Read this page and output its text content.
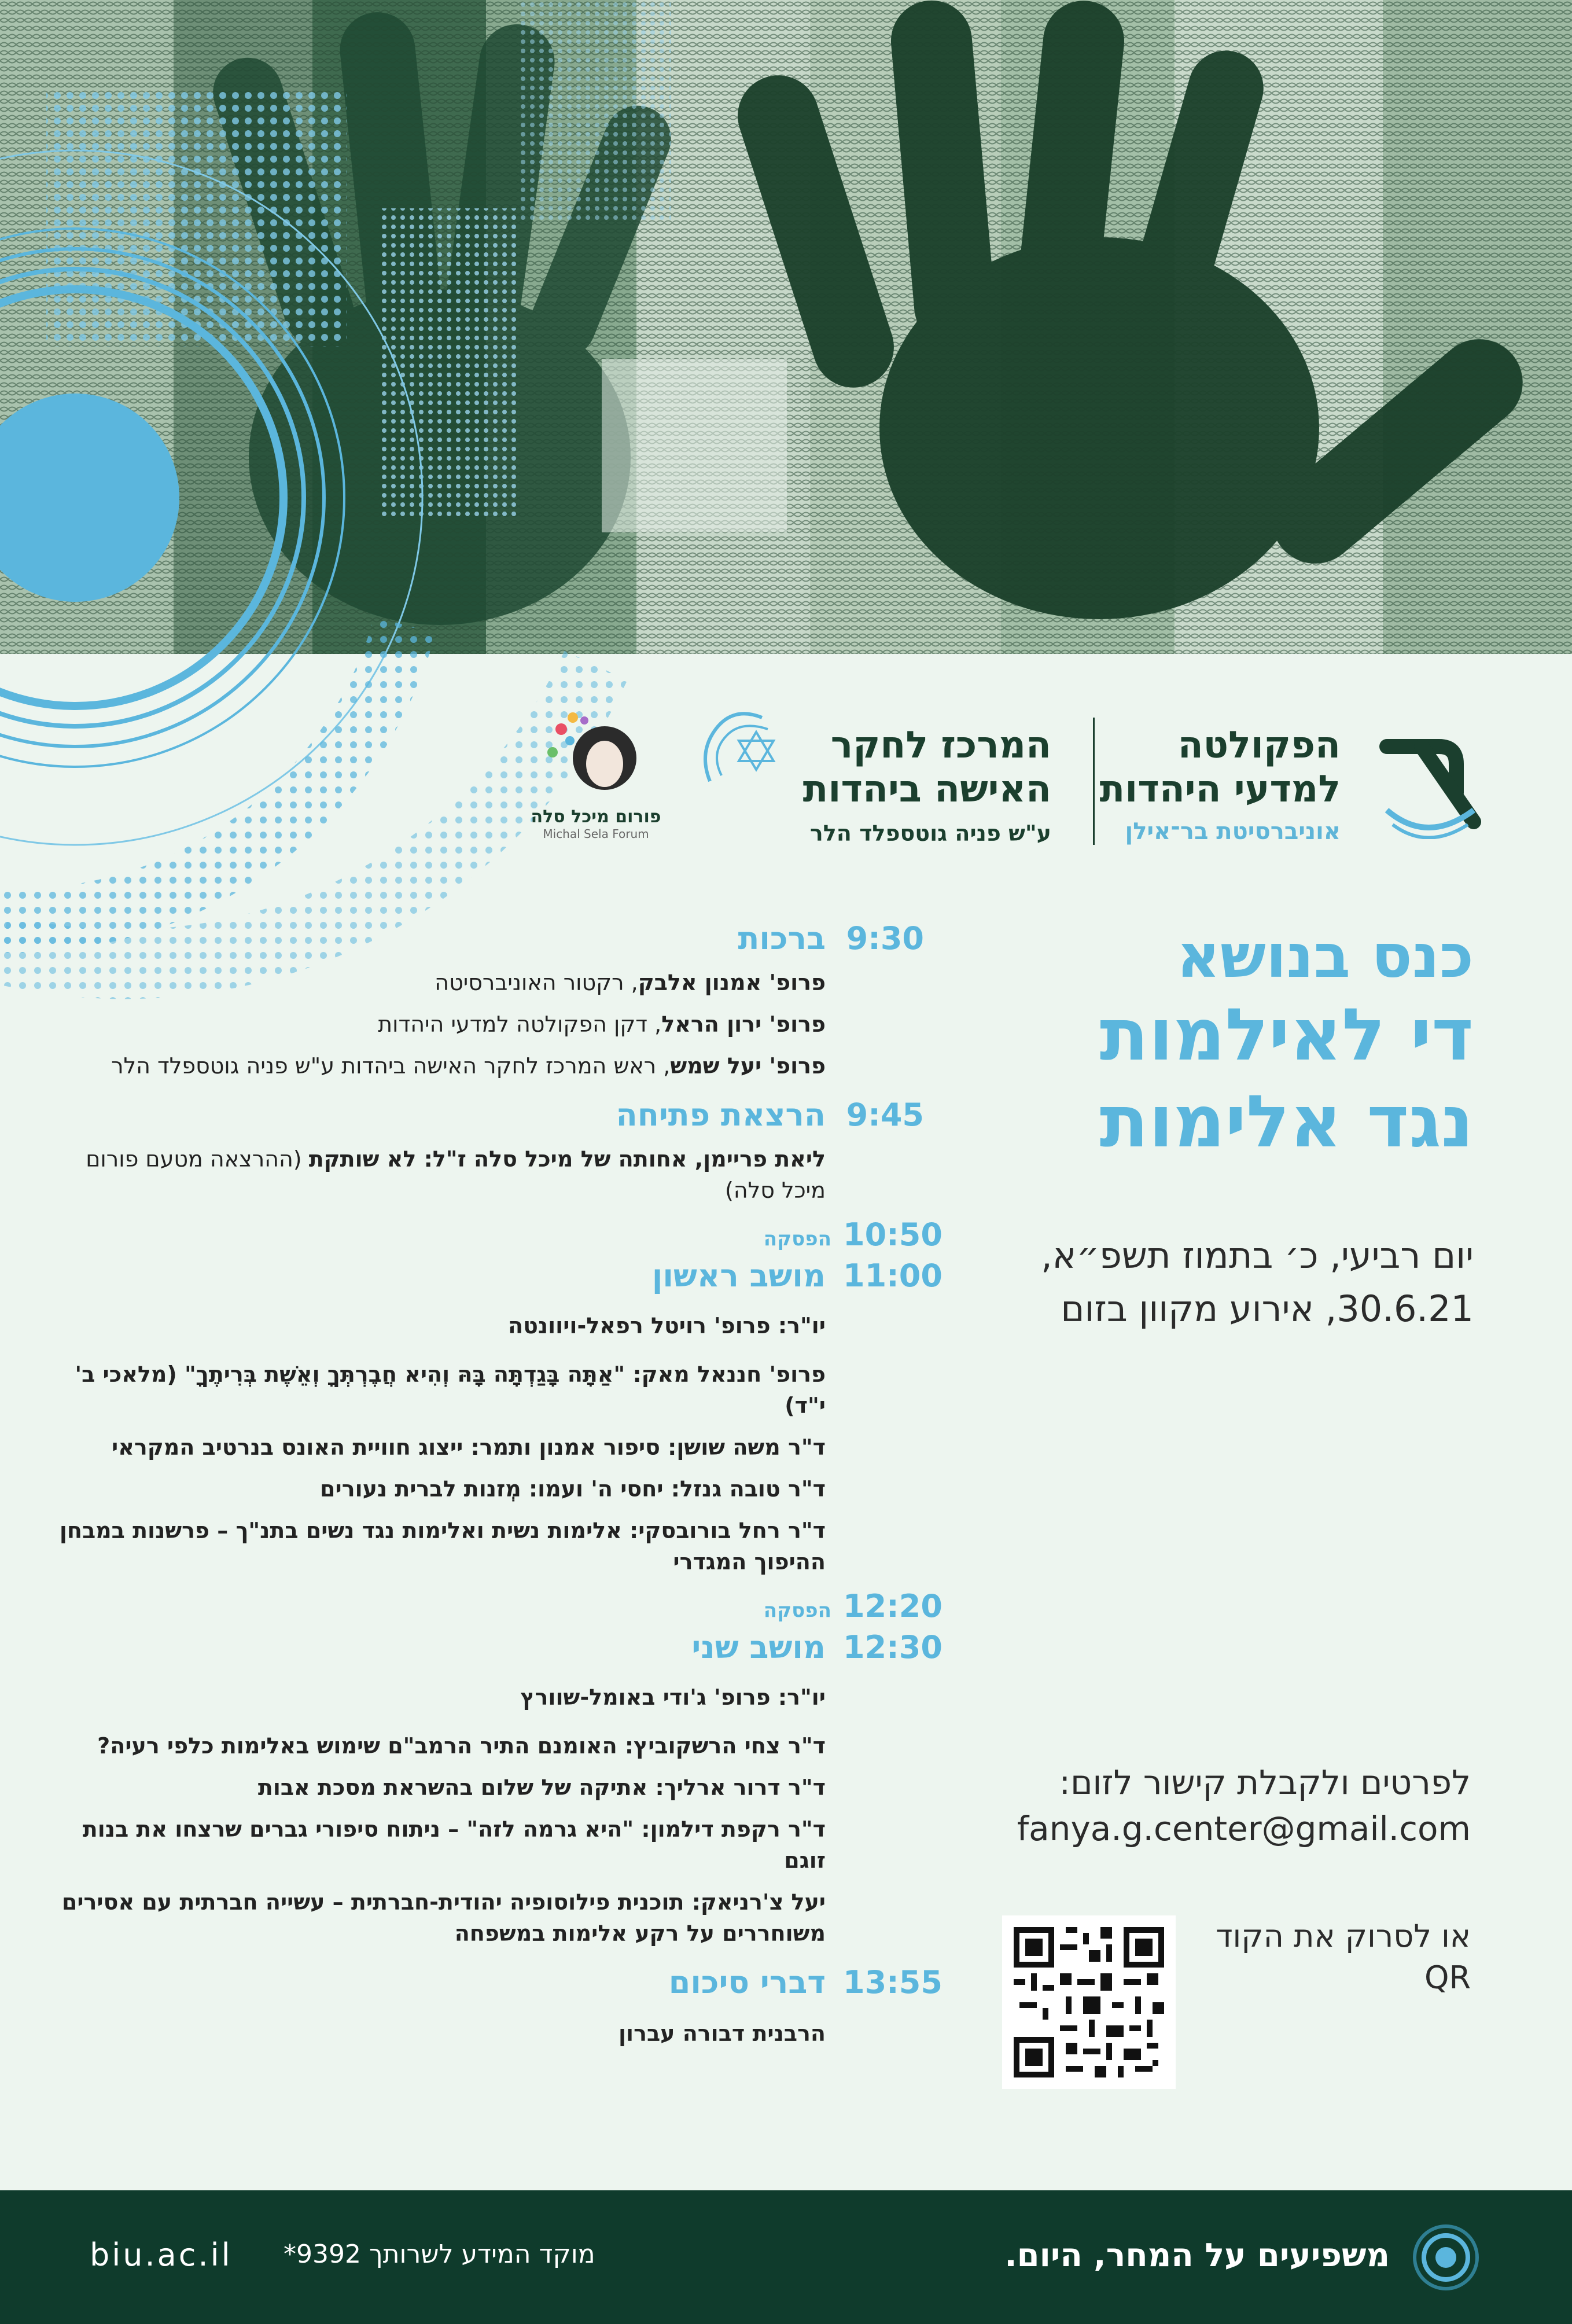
הפקולטה
למדעי היהדות
אוניברסיטת בר־אילן
המרכז לחקר
האישה ביהדות
ע"ש פניה גוטספלד הלר
פורום מיכל סלה
Michal Sela Forum
כנס בנושא
די לאילמות
נגד אלימות
יום רביעי, כ׳ בתמוז תשפ״א,
30.6.21, אירוע מקוון בזום
9:30
ברכות
פרופ' אמנון אלבק, רקטור האוניברסיטה
פרופ' ירון הראל, דקן הפקולטה למדעי היהדות
פרופ' יעל שמש, ראש המרכז לחקר האישה ביהדות ע"ש פניה גוטספלד הלר
9:45
הרצאת פתיחה
ליאת פריימן, אחותה של מיכל סלה ז"ל: לא שותקת (ההרצאה מטעם פורום מיכל סלה)
10:50
הפסקה
11:00
מושב ראשון
יו"ר: פרופ' רויטל רפאל-ויוונטה
פרופ' חננאל מאק: "אַתָּה בָּגַדְתָּה בָּהּ וְהִיא חֲבֶרְתְּךָ וְאֵשֶׁת בְּרִיתֶךָ" (מלאכי ב' י"ד)
ד"ר משה שושן: סיפור אמנון ותמר: ייצוג חוויית האונס בנרטיב המקראי
ד"ר טובה גנזל: יחסי ה' ועמו: מְזנות לברית נעורים
ד"ר רחל בורובסקי: אלימות נשית ואלימות נגד נשים בתנ"ך – פרשנות במבחן ההיפוך המגדרי
12:20
הפסקה
12:30
מושב שני
יו"ר: פרופ' ג'ודי באומל-שוורץ
ד"ר צחי הרשקוביץ: האומנם התיר הרמב"ם שימוש באלימות כלפי רעיה?
ד"ר דרור ארליך: אתיקה של שלום בהשראת מסכת אבות
ד"ר רקפת דילמון: "היא גרמה לזה" – ניתוח סיפורי גברים שרצחו את בנות זוגם
יעל צ'רניאק: תוכנית פילוסופיה יהודית-חברתית – עשייה חברתית עם אסירים משוחררים על רקע אלימות במשפחה
13:55
דברי סיכום
הרבנית דבורה עברון
לפרטים ולקבלת קישור לזום:
fanya.g.center@gmail.com
או לסרוק את הקוד
QR
משפיעים על המחר, היום.
מוקד המידע לשרותך 9392*
biu.ac.il
